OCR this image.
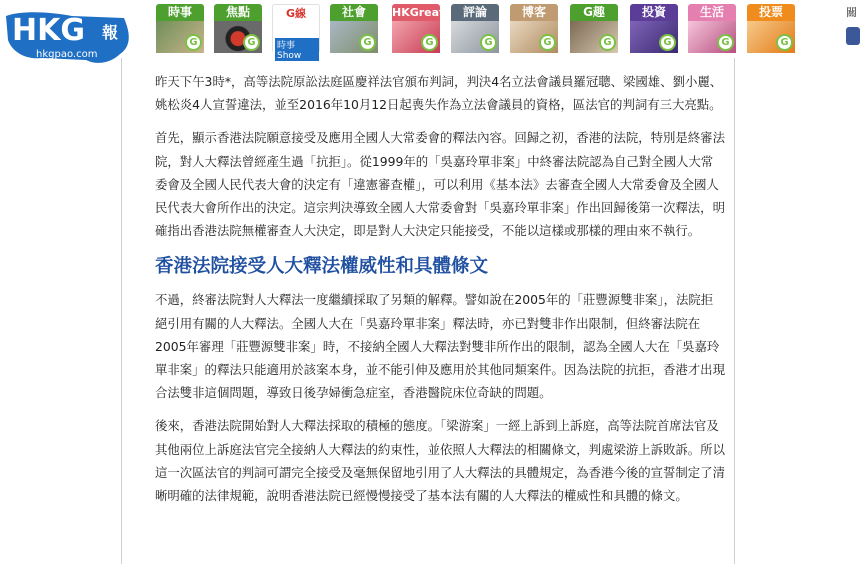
HKG 報
hkgpao.com
時事
G
焦點
G
G線
時事Show
社會
G
HKGreat
G
評論
G
博客
G
G趣
G
投資
G
生活
G
投票
G
關

昨天下午3時*，高等法院原訟法庭區慶祥法官頒布判詞，判決4名立法會議員羅冠聰、梁國雄、劉小麗、姚松炎4人宣誓違法，並至2016年10月12日起喪失作為立法會議員的資格，區法官的判詞有三大亮點。

首先，顯示香港法院願意接受及應用全國人大常委會的釋法內容。回歸之初，香港的法院，特別是終審法院，對人大釋法曾經產生過「抗拒」。從1999年的「吳嘉玲單非案」中終審法院認為自己對全國人大常委會及全國人民代表大會的決定有「違憲審查權」，可以利用《基本法》去審查全國人大常委會及全國人民代表大會所作出的決定。這宗判決導致全國人大常委會對「吳嘉玲單非案」作出回歸後第一次釋法，明確指出香港法院無權審查人大決定，即是對人大決定只能接受，不能以這樣或那樣的理由來不執行。

香港法院接受人大釋法權威性和具體條文

不過，終審法院對人大釋法一度繼續採取了另類的解釋。譬如說在2005年的「莊豐源雙非案」，法院拒絕引用有關的人大釋法。全國人大在「吳嘉玲單非案」釋法時，亦已對雙非作出限制，但終審法院在2005年審理「莊豐源雙非案」時，不接納全國人大釋法對雙非所作出的限制，認為全國人大在「吳嘉玲單非案」的釋法只能適用於該案本身，並不能引伸及應用於其他同類案件。因為法院的抗拒，香港才出現合法雙非這個問題，導致日後孕婦衝急症室，香港醫院床位奇缺的問題。

後來，香港法院開始對人大釋法採取的積極的態度。「梁游案」一經上訴到上訴庭，高等法院首席法官及其他兩位上訴庭法官完全接納人大釋法的約束性，並依照人大釋法的相關條文，判處梁游上訴敗訴。所以這一次區法官的判詞可謂完全接受及毫無保留地引用了人大釋法的具體規定，為香港今後的宣誓制定了清晰明確的法律規範，說明香港法院已經慢慢接受了基本法有關的人大釋法的權威性和具體的條文。
